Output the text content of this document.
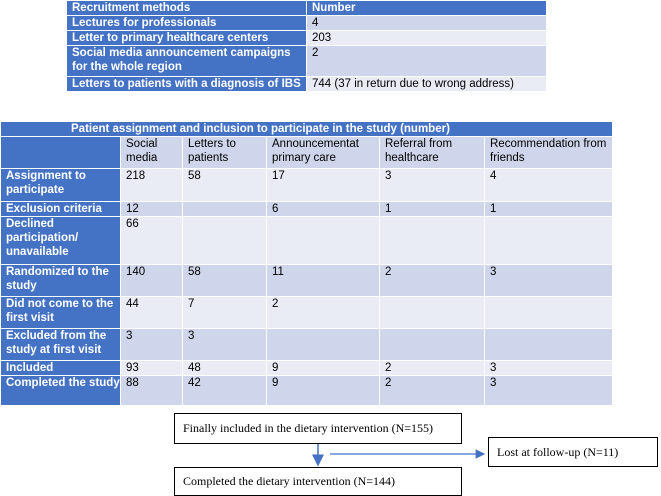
Recruitment methods	Number
Lectures for professionals	4
Letter to primary healthcare centers	203
Social media announcement campaigns for the whole region	2
Letters to patients with a diagnosis of IBS	744 (37 in return due to wrong address)
Patient assignment and inclusion to participate in the study (number)					
	Social media	Letters to patients	Announcementat primary care	Referral from healthcare	Recommendation from friends
Assignment to participate	218	58	17	3	4
Exclusion criteria	12		6	1	1
Declined participation/ unavailable	66				
Randomized to the study	140	58	11	2	3
Did not come to the first visit	44	7	2		
Excluded from the study at first visit	3	3			
Included	93	48	9	2	3
Completed the study	88	42	9	2	3
Finally included in the dietary intervention (N=155)
Lost at follow-up (N=11)
Completed the dietary intervention (N=144)
